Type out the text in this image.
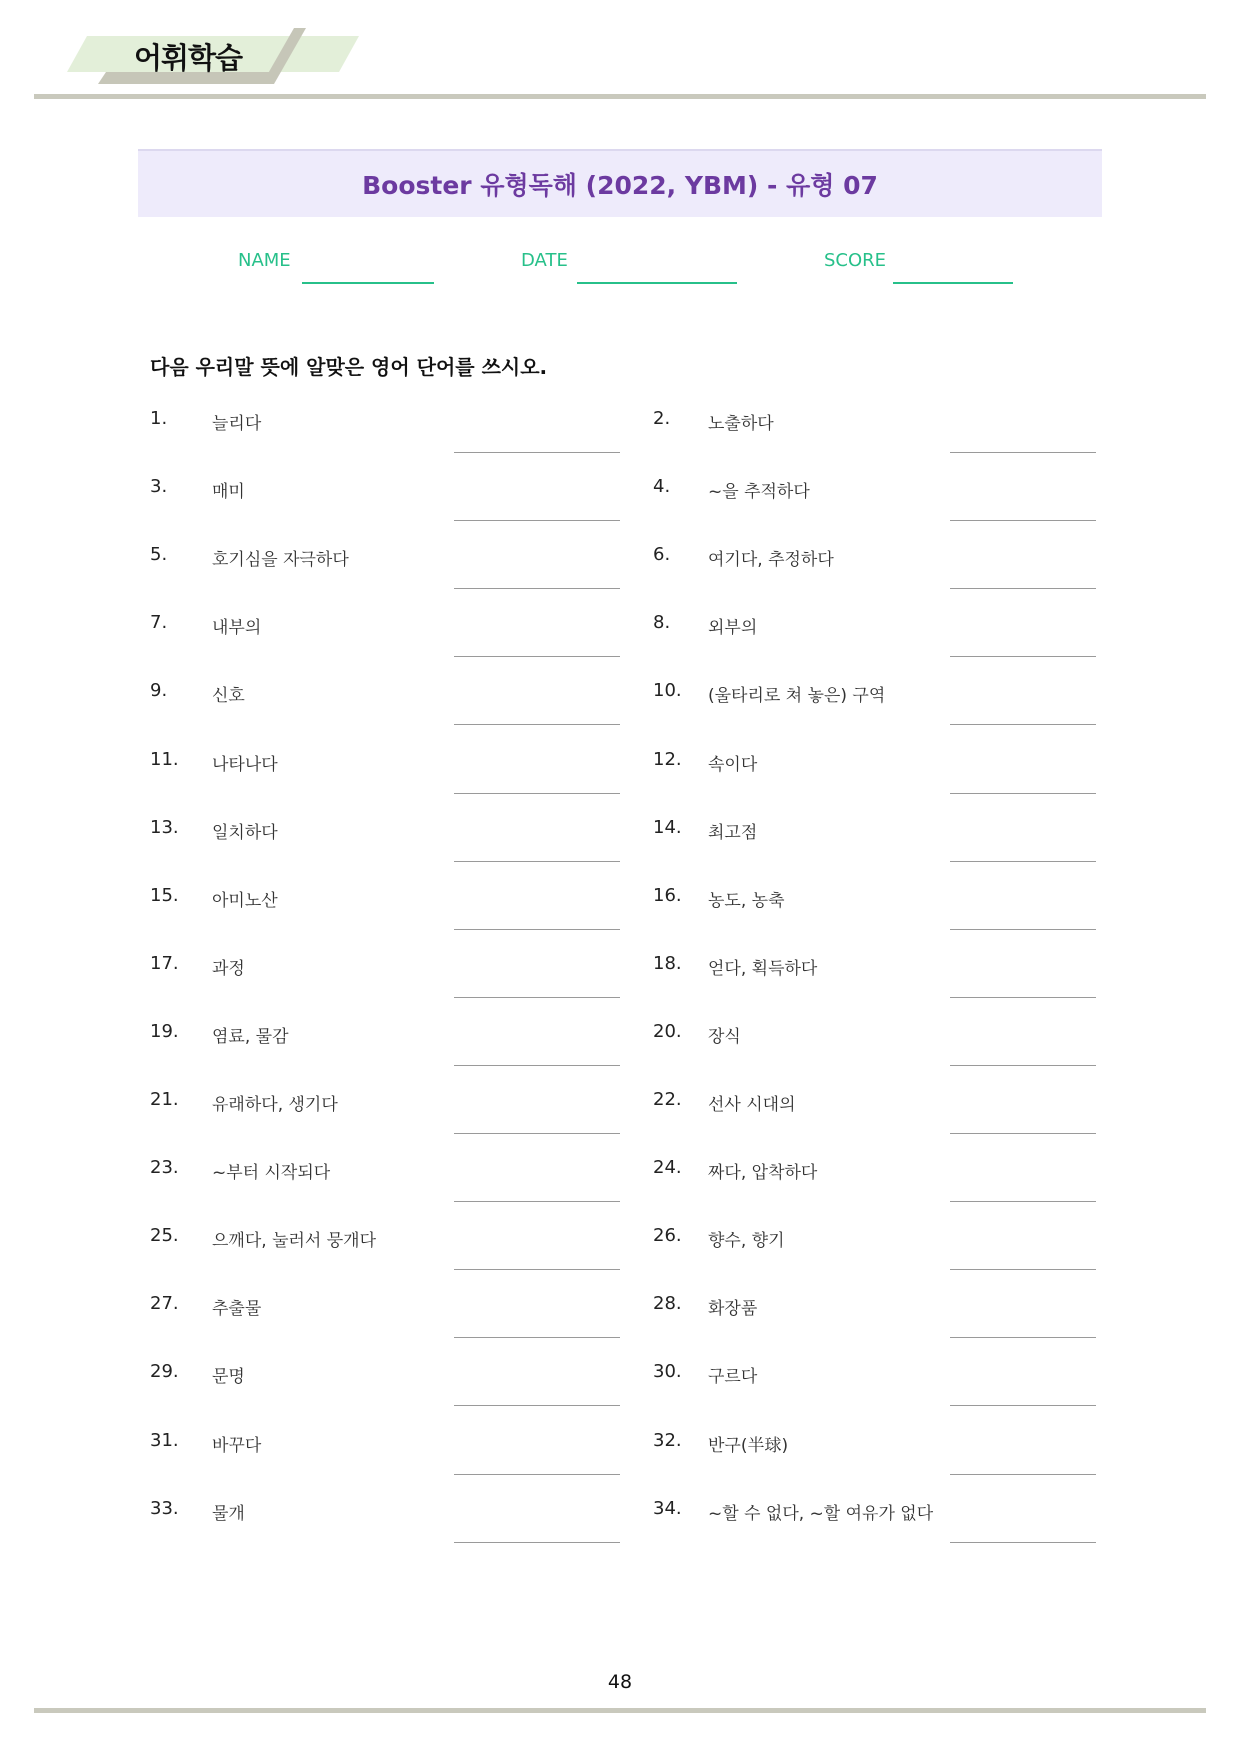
어휘학습
Booster 유형독해 (2022, YBM) - 유형 07
NAME	DATE	SCORE
다음 우리말 뜻에 알맞은 영어 단어를 쓰시오.
1.	늘리다	2. 노출하다
3.	매미	4. ~을 추적하다
5.	호기심을 자극하다	6. 여기다, 추정하다
7.	내부의	8. 외부의
9.	신호	10. (울타리로 쳐 놓은) 구역
11. 나타나다	12. 속이다
13. 일치하다	14. 최고점
15. 아미노산	16. 농도, 농축
17. 과정	18. 얻다, 획득하다
19. 염료, 물감	20. 장식
21. 유래하다, 생기다	22. 선사 시대의
23. ~부터 시작되다	24. 짜다, 압착하다
25. 으깨다, 눌러서 뭉개다	26. 향수, 향기
27. 추출물	28. 화장품
29. 문명	30. 구르다
31. 바꾸다	32. 반구(半球)
33. 물개	34. ~할 수 없다, ~할 여유가 없다
48
